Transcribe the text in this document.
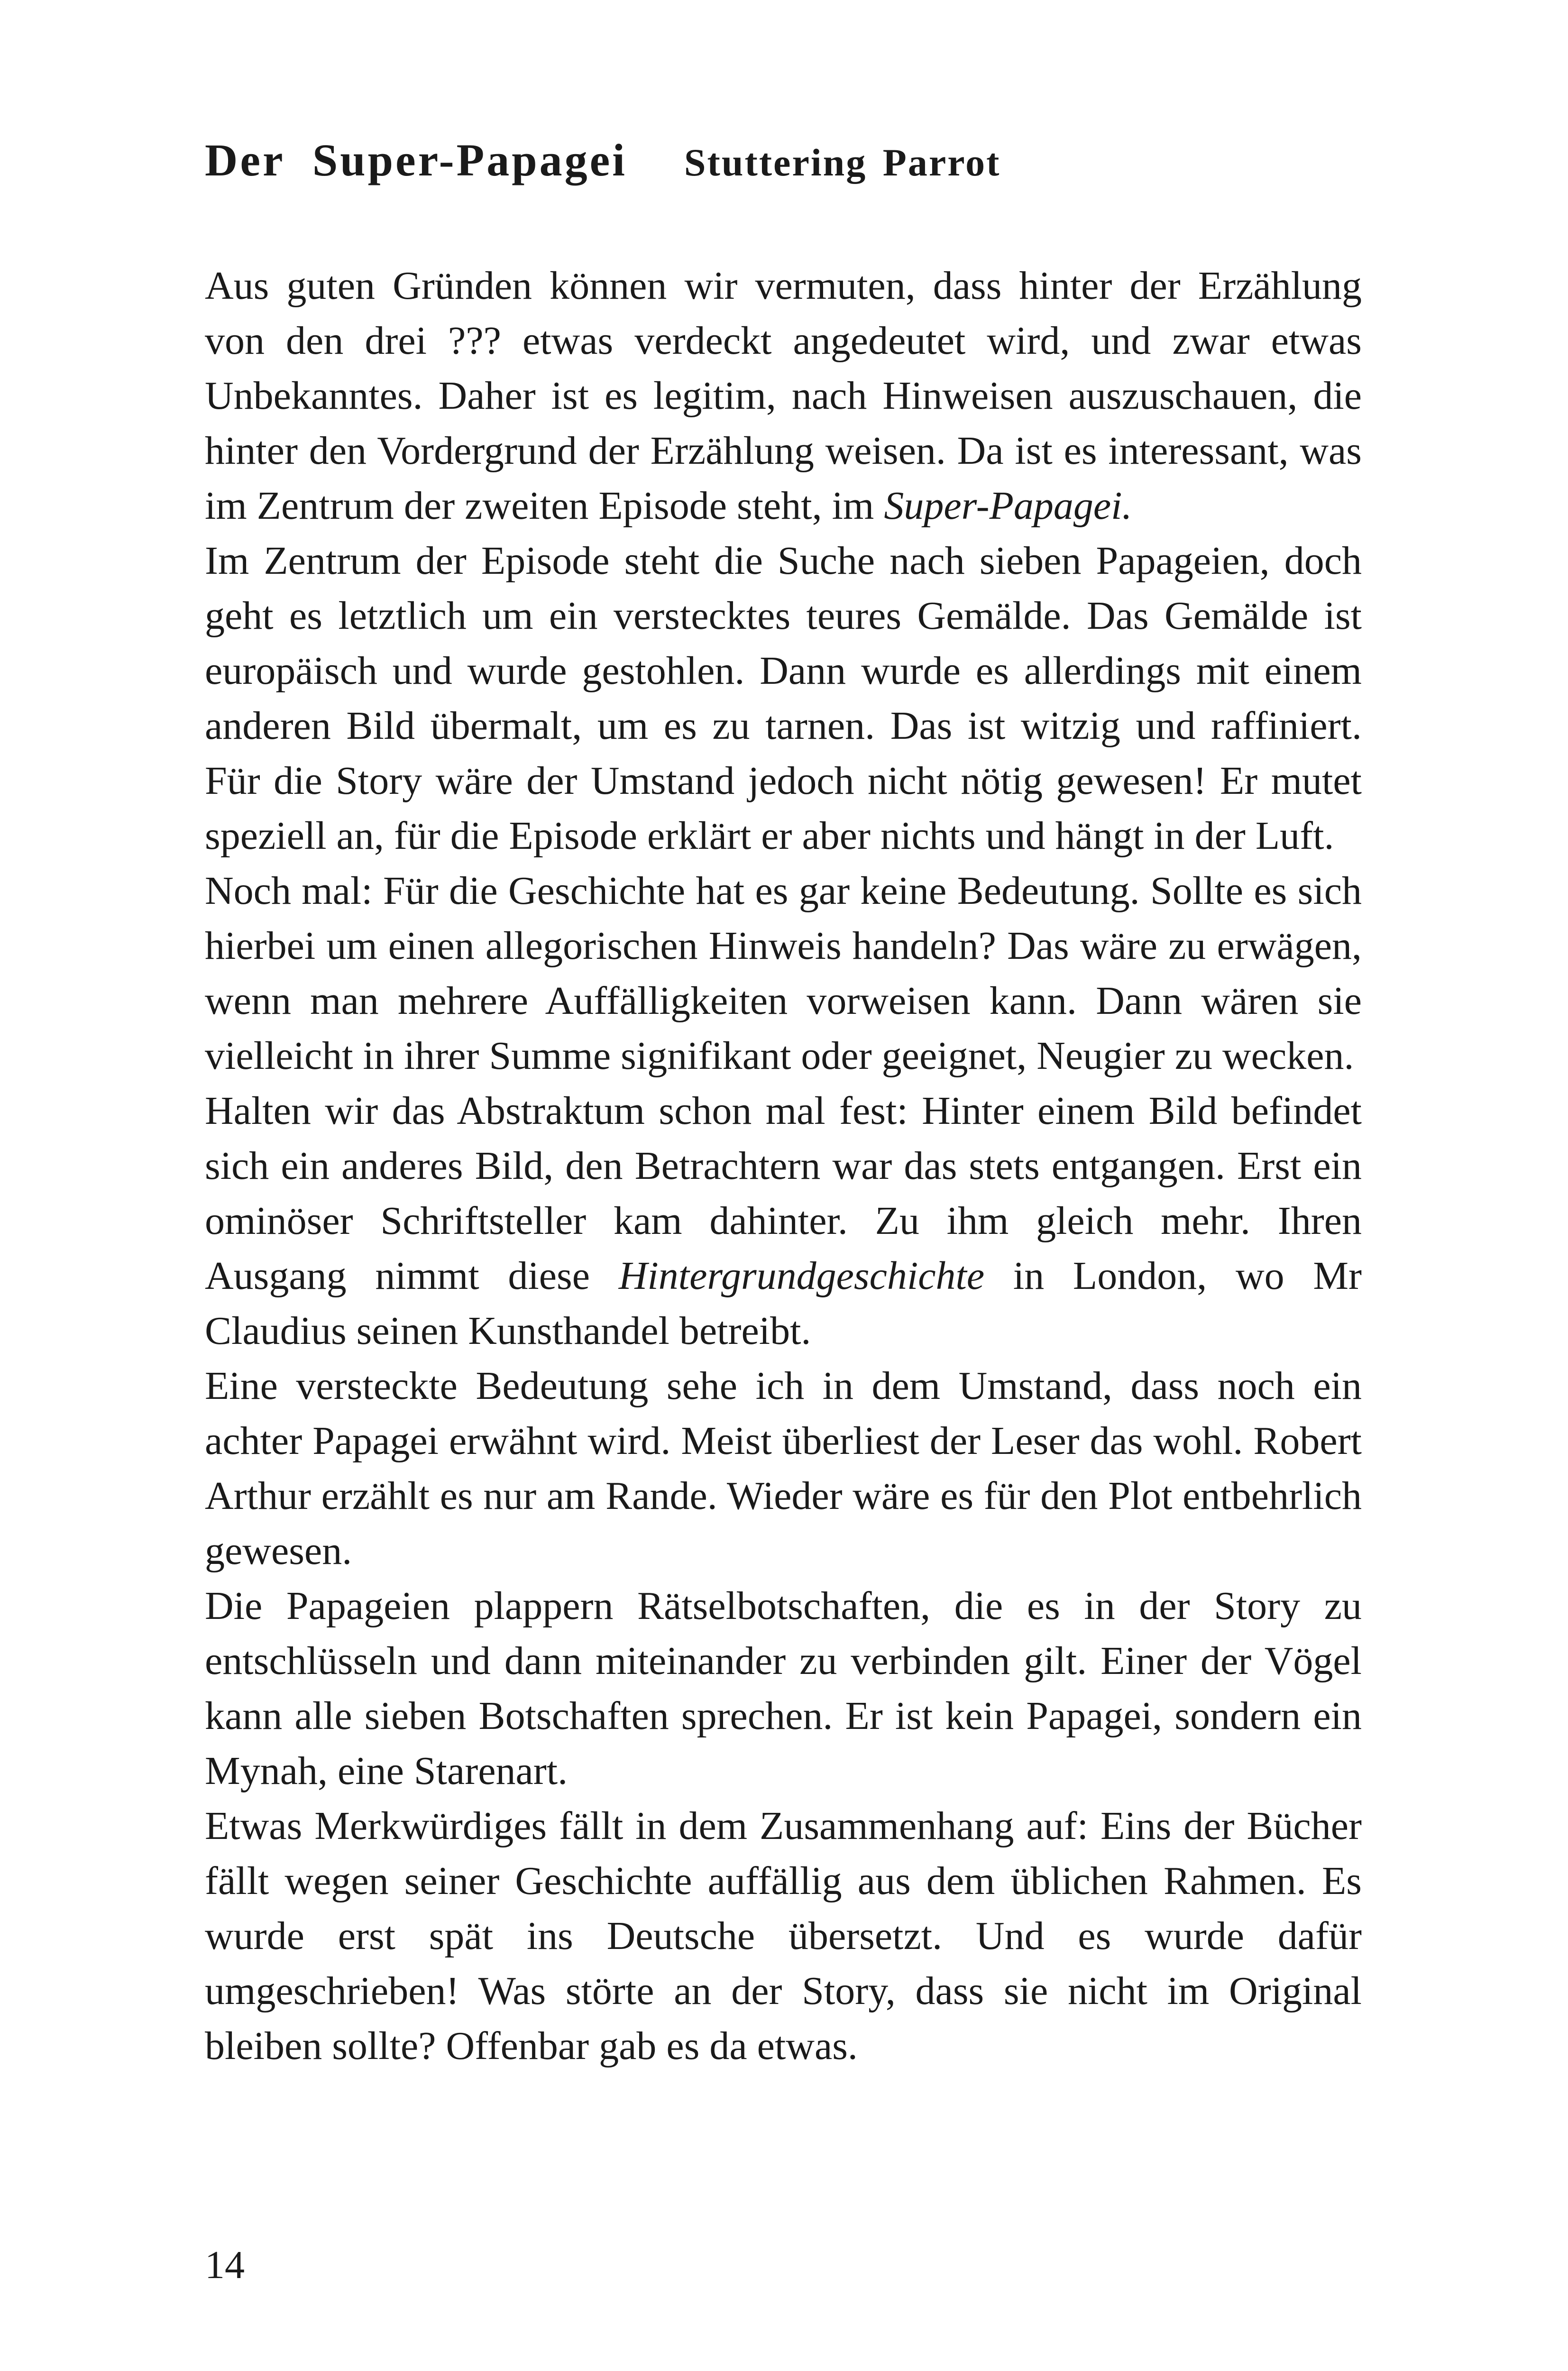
Der Super-Papagei Stuttering Parrot

Aus guten Gründen können wir vermuten, dass hinter der Erzählung von den drei ??? etwas verdeckt angedeutet wird, und zwar etwas Unbekanntes. Daher ist es legitim, nach Hinweisen auszuschauen, die hinter den Vordergrund der Erzählung weisen. Da ist es interessant, was im Zentrum der zweiten Episode steht, im Super-Papagei.

Im Zentrum der Episode steht die Suche nach sieben Papageien, doch geht es letztlich um ein verstecktes teures Gemälde. Das Gemälde ist europäisch und wurde gestohlen. Dann wurde es allerdings mit einem anderen Bild übermalt, um es zu tarnen. Das ist witzig und raffiniert. Für die Story wäre der Umstand jedoch nicht nötig gewesen! Er mutet speziell an, für die Episode erklärt er aber nichts und hängt in der Luft.

Noch mal: Für die Geschichte hat es gar keine Bedeutung. Sollte es sich hierbei um einen allegorischen Hinweis handeln? Das wäre zu erwägen, wenn man mehrere Auffälligkeiten vorweisen kann. Dann wären sie vielleicht in ihrer Summe signifikant oder geeignet, Neugier zu wecken.

Halten wir das Abstraktum schon mal fest: Hinter einem Bild befindet sich ein anderes Bild, den Betrachtern war das stets entgangen. Erst ein ominöser Schriftsteller kam dahinter. Zu ihm gleich mehr. Ihren Ausgang nimmt diese Hintergrundgeschichte in London, wo Mr Claudius seinen Kunsthandel betreibt.

Eine versteckte Bedeutung sehe ich in dem Umstand, dass noch ein achter Papagei erwähnt wird. Meist überliest der Leser das wohl. Robert Arthur erzählt es nur am Rande. Wieder wäre es für den Plot entbehrlich gewesen.

Die Papageien plappern Rätselbotschaften, die es in der Story zu entschlüsseln und dann miteinander zu verbinden gilt. Einer der Vögel kann alle sieben Botschaften sprechen. Er ist kein Papagei, sondern ein Mynah, eine Starenart.

Etwas Merkwürdiges fällt in dem Zusammenhang auf: Eins der Bücher fällt wegen seiner Geschichte auffällig aus dem üblichen Rahmen. Es wurde erst spät ins Deutsche übersetzt. Und es wurde dafür umgeschrieben! Was störte an der Story, dass sie nicht im Original bleiben sollte? Offenbar gab es da etwas.

14
